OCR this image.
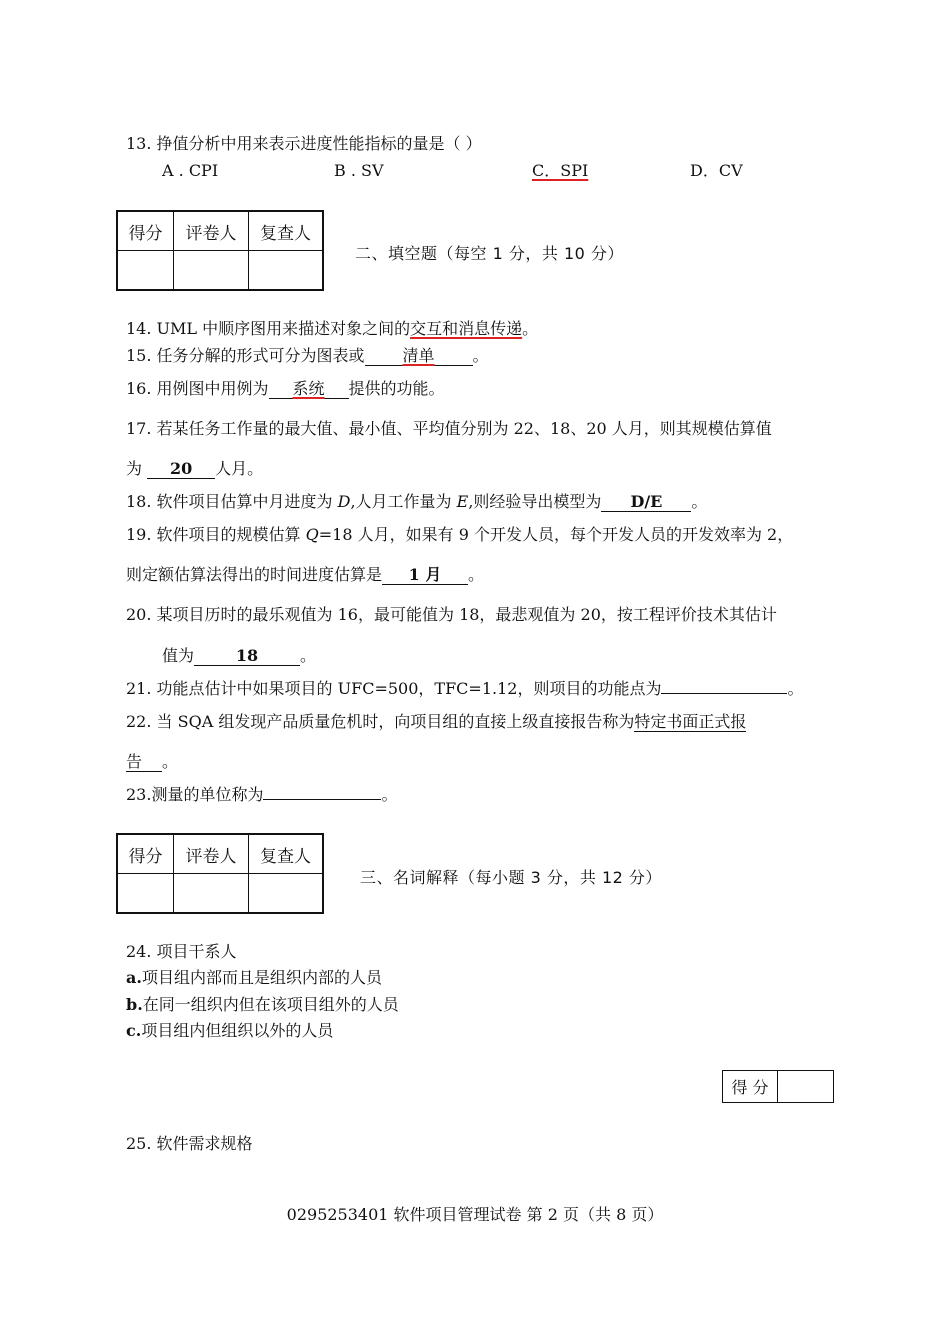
13. 挣值分析中用来表示进度性能指标的量是（ ）
A . CPI	B . SV	C．SPI	D．CV
得分	评卷人	复查人

二、填空题（每空 1 分，共 10 分）
14. UML 中顺序图用来描述对象之间的交互和消息传递。
15. 任务分解的形式可分为图表或 清单 。
16. 用例图中用例为 系统 提供的功能。
17. 若某任务工作量的最大值、最小值、平均值分别为 22、18、20 人月，则其规模估算值
为 20 人月。
18. 软件项目估算中月进度为 D,人月工作量为 E,则经验导出模型为 D/E 。
19. 软件项目的规模估算 Q=18 人月，如果有 9 个开发人员，每个开发人员的开发效率为 2，
则定额估算法得出的时间进度估算是 1 月 。
20. 某项目历时的最乐观值为 16，最可能值为 18，最悲观值为 20，按工程评价技术其估计
值为	18	。
21. 功能点估计中如果项目的 UFC=500，TFC=1.12，则项目的功能点为	。
22. 当 SQA 组发现产品质量危机时，向项目组的直接上级直接报告称为特定书面正式报
告 。
23.测量的单位称为	。
得分	评卷人	复查人

三、名词解释（每小题 3 分，共 12 分）
24. 项目干系人
a.项目组内部而且是组织内部的人员
b.在同一组织内但在该项目组外的人员
c.项目组内但组织以外的人员
得 分	
25. 软件需求规格
0295253401 软件项目管理试卷 第 2 页（共 8 页）
